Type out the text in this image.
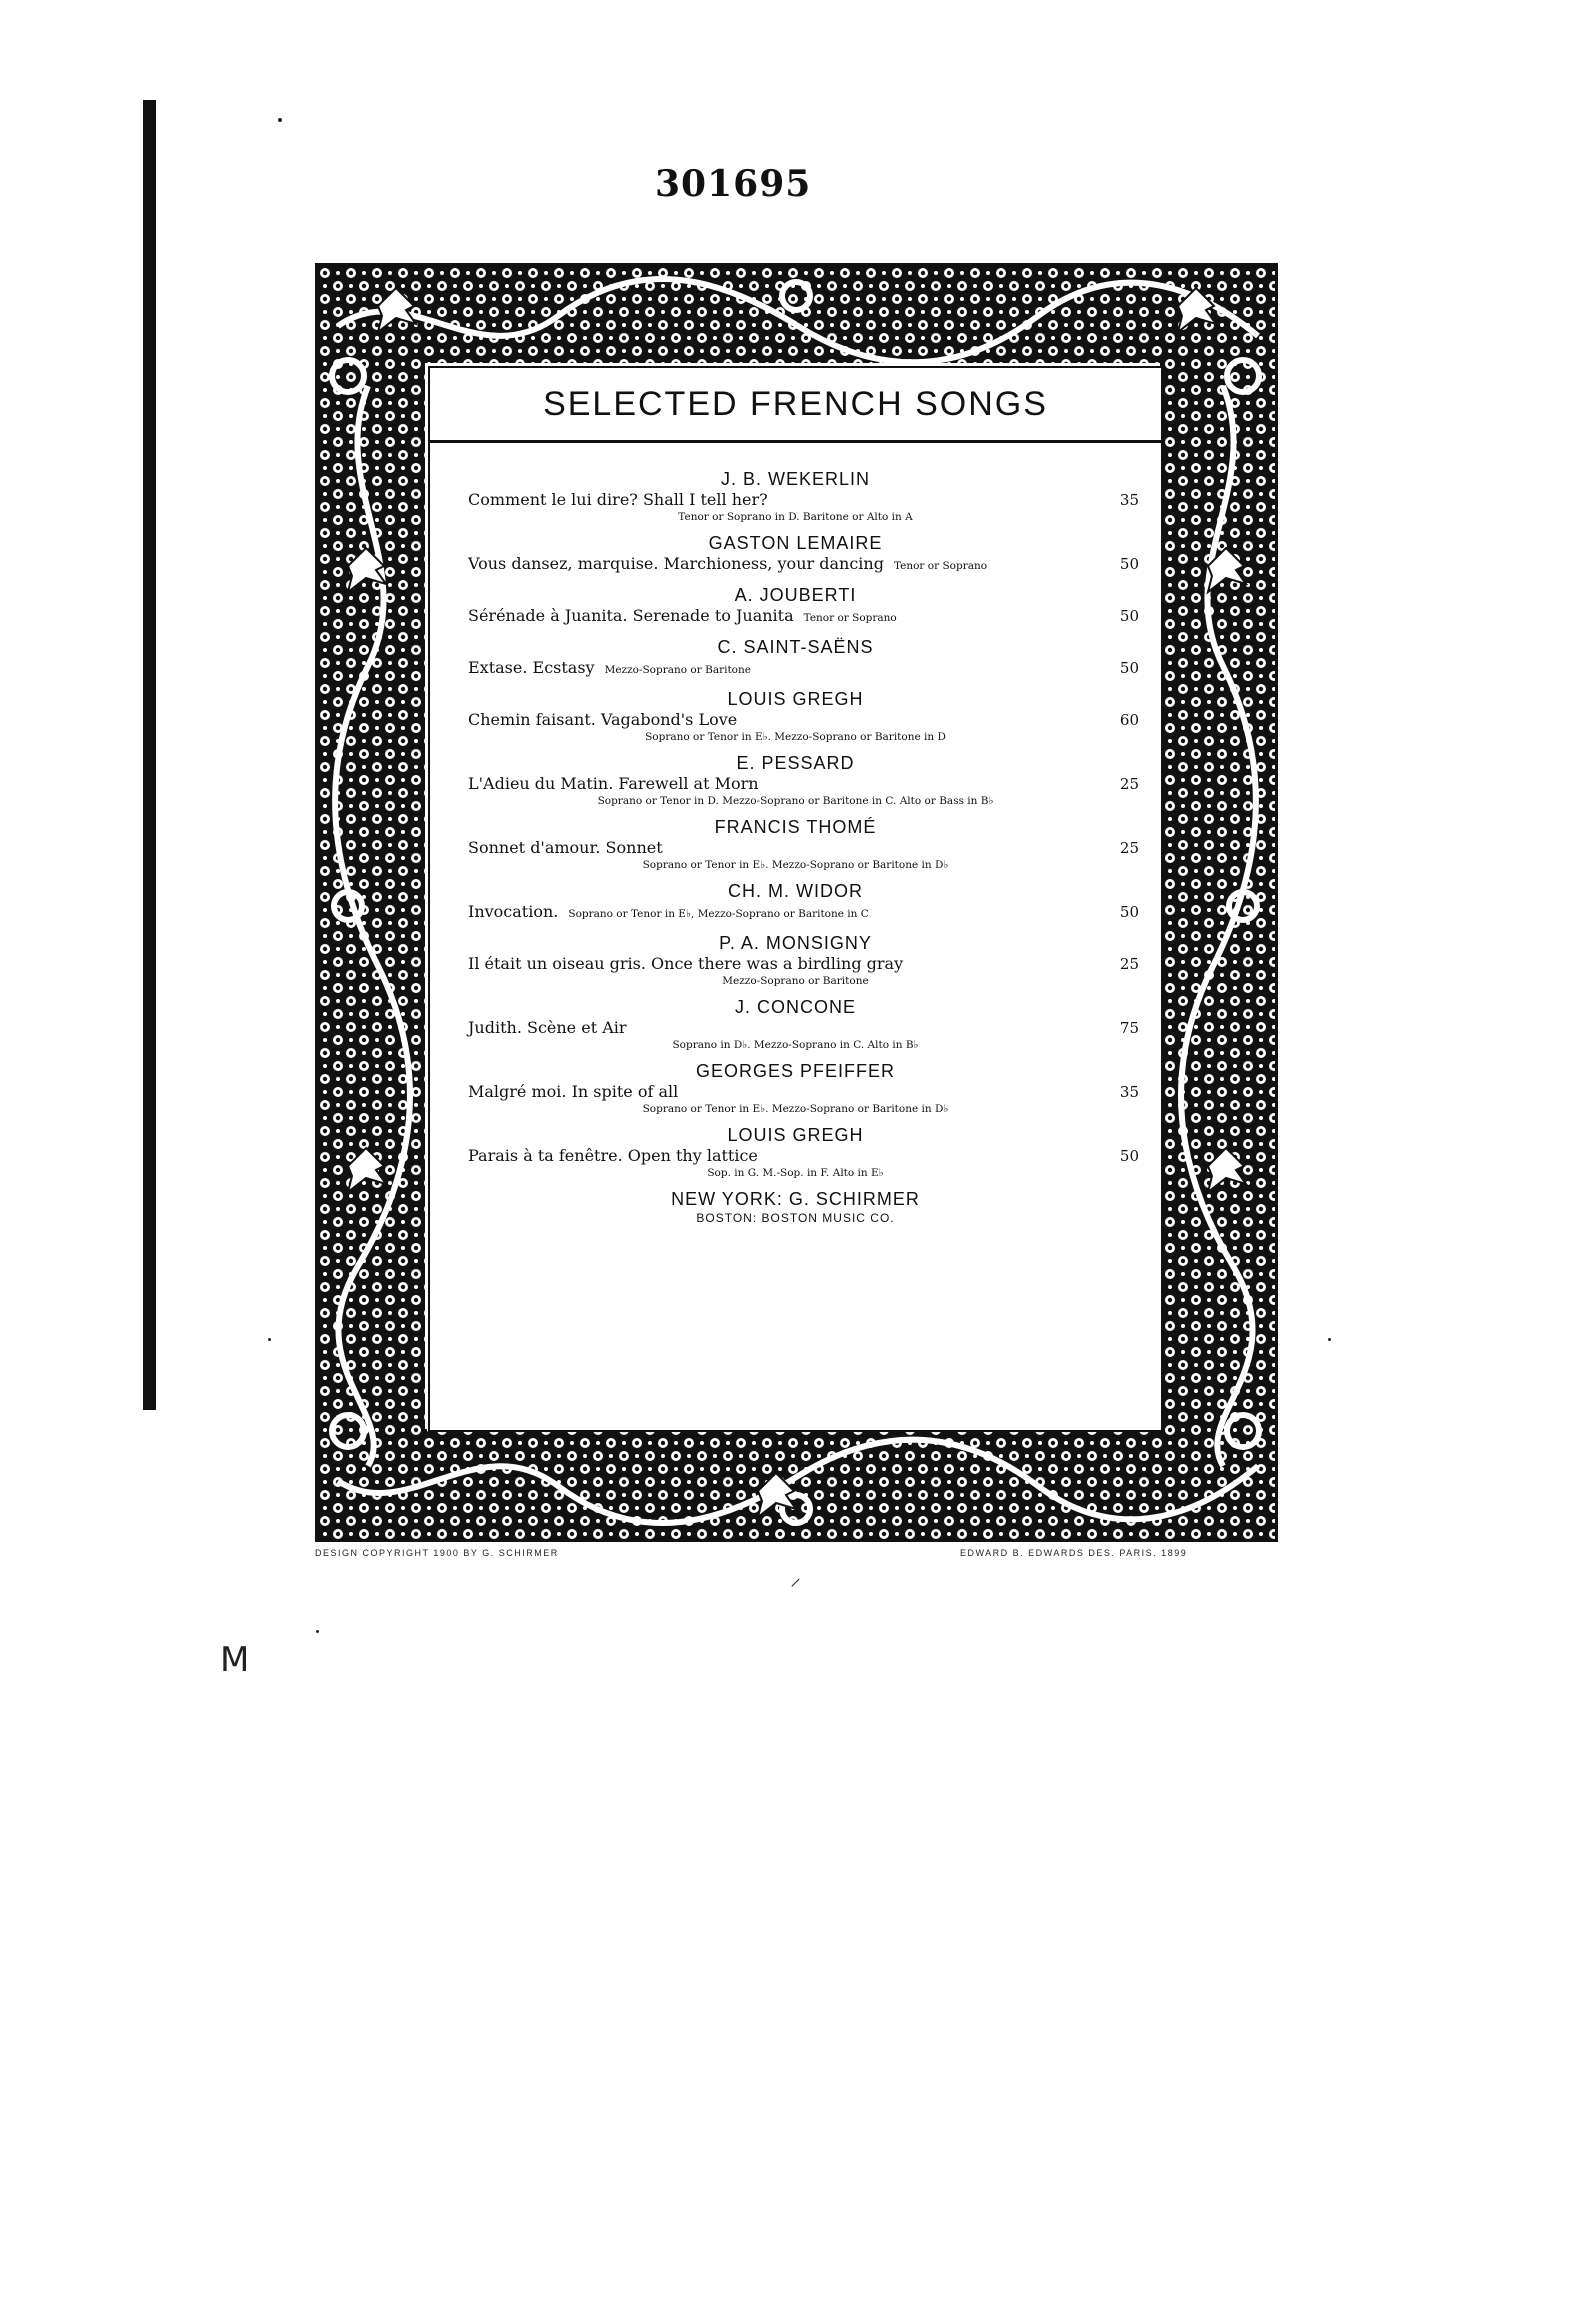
301695
SELECTED FRENCH SONGS
J. B. WEKERLIN
Comment le lui dire? Shall I tell her?	35
Tenor or Soprano in D. Baritone or Alto in A
GASTON LEMAIRE
Vous dansez, marquise. Marchioness, your dancing Tenor or Soprano	50
A. JOUBERTI
Sérénade à Juanita. Serenade to Juanita Tenor or Soprano	50
C. SAINT-SAËNS
Extase. Ecstasy Mezzo-Soprano or Baritone	50
LOUIS GREGH
Chemin faisant. Vagabond's Love	60
Soprano or Tenor in E♭. Mezzo-Soprano or Baritone in D
E. PESSARD
L'Adieu du Matin. Farewell at Morn	25
Soprano or Tenor in D. Mezzo-Soprano or Baritone in C. Alto or Bass in B♭
FRANCIS THOMÉ
Sonnet d'amour. Sonnet	25
Soprano or Tenor in E♭. Mezzo-Soprano or Baritone in D♭
CH. M. WIDOR
Invocation. Soprano or Tenor in E♭, Mezzo-Soprano or Baritone in C	50
P. A. MONSIGNY
Il était un oiseau gris. Once there was a birdling gray	25
Mezzo-Soprano or Baritone
J. CONCONE
Judith. Scène et Air	75
Soprano in D♭. Mezzo-Soprano in C. Alto in B♭
GEORGES PFEIFFER
Malgré moi. In spite of all	35
Soprano or Tenor in E♭. Mezzo-Soprano or Baritone in D♭
LOUIS GREGH
Parais à ta fenêtre. Open thy lattice	50
Sop. in G. M.-Sop. in F. Alto in E♭
NEW YORK: G. SCHIRMER
BOSTON: BOSTON MUSIC CO.
DESIGN COPYRIGHT 1900 BY G. SCHIRMER	EDWARD B. EDWARDS DES. PARIS. 1899
⸝
M
